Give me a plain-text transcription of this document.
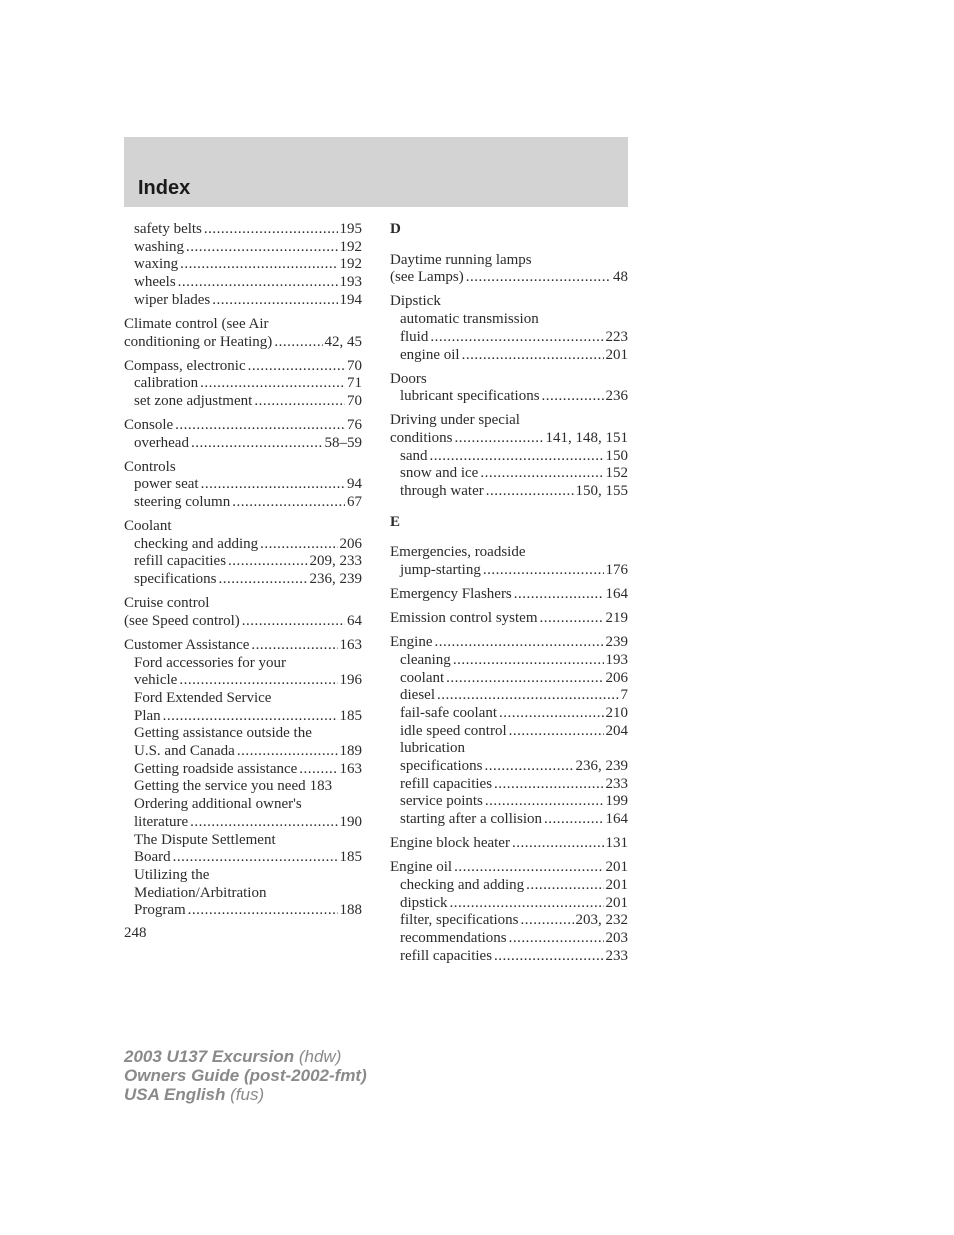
Index
safety belts .....	195
washing .....	192
waxing .....	192
wheels .....	193
wiper blades .....	194
Climate control (see Air
conditioning or Heating) .....	42, 45
Compass, electronic .....	70
calibration .....	71
set zone adjustment .....	70
Console .....	76
overhead .....	58–59
Controls
power seat .....	94
steering column .....	67
Coolant
checking and adding .....	206
refill capacities .....	209, 233
specifications .....	236, 239
Cruise control
(see Speed control) .....	64
Customer Assistance .....	163
Ford accessories for your
vehicle .....	196
Ford Extended Service
Plan .....	185
Getting assistance outside the
U.S. and Canada .....	189
Getting roadside assistance .....	163
Getting the service you need 183
Ordering additional owner's
literature .....	190
The Dispute Settlement
Board .....	185
Utilizing the
Mediation/Arbitration
Program .....	188
D
Daytime running lamps
(see Lamps) .....	48
Dipstick
automatic transmission
fluid .....	223
engine oil .....	201
Doors
lubricant specifications .....	236
Driving under special
conditions .....	141, 148, 151
sand .....	150
snow and ice .....	152
through water .....	150, 155
E
Emergencies, roadside
jump-starting .....	176
Emergency Flashers .....	164
Emission control system .....	219
Engine .....	239
cleaning .....	193
coolant .....	206
diesel .....	7
fail-safe coolant .....	210
idle speed control .....	204
lubrication
specifications .....	236, 239
refill capacities .....	233
service points .....	199
starting after a collision .....	164
Engine block heater .....	131
Engine oil .....	201
checking and adding .....	201
dipstick .....	201
filter, specifications .....	203, 232
recommendations .....	203
refill capacities .....	233
248
2003 U137 Excursion (hdw)
Owners Guide (post-2002-fmt)
USA English (fus)
